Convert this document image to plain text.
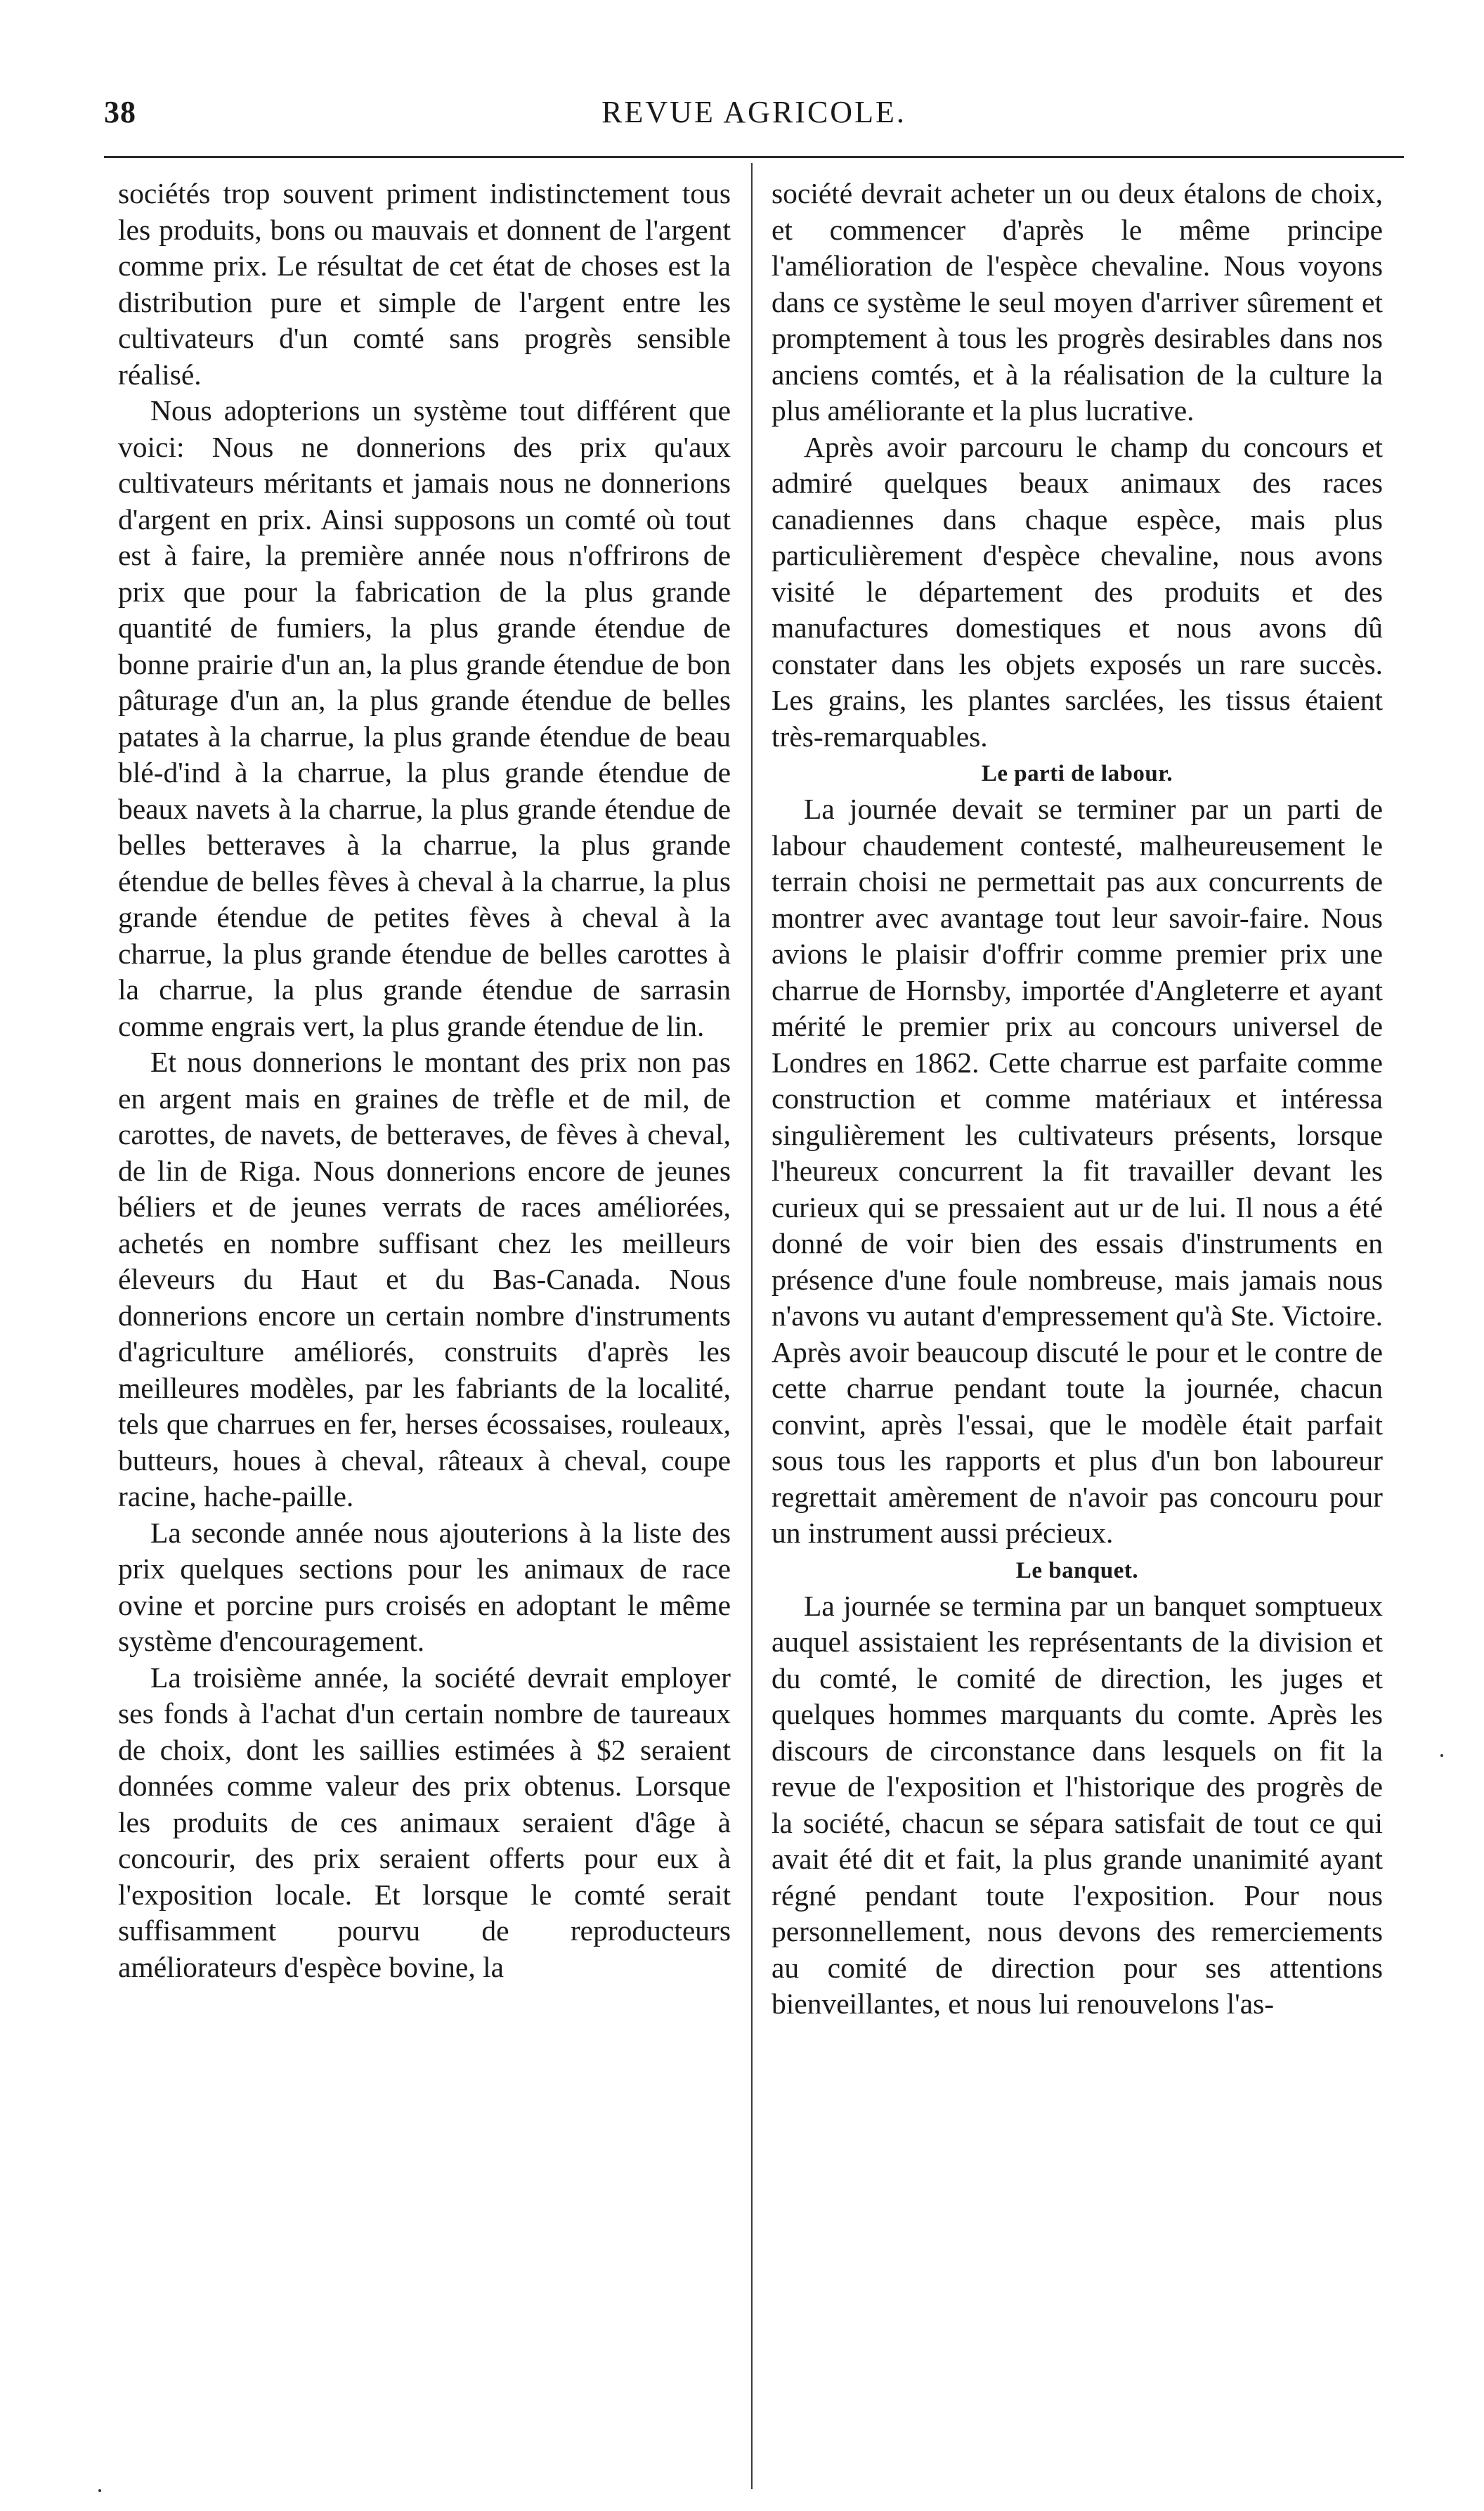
38	REVUE AGRICOLE.

sociétés trop souvent priment indistinctement tous les produits, bons ou mauvais et donnent de l'argent comme prix. Le résultat de cet état de choses est la distribution pure et simple de l'argent entre les cultivateurs d'un comté sans progrès sensible réalisé.

Nous adopterions un système tout différent que voici: Nous ne donnerions des prix qu'aux cultivateurs méritants et jamais nous ne donnerions d'argent en prix. Ainsi supposons un comté où tout est à faire, la première année nous n'offrirons de prix que pour la fabrication de la plus grande quantité de fumiers, la plus grande étendue de bonne prairie d'un an, la plus grande étendue de bon pâturage d'un an, la plus grande étendue de belles patates à la charrue, la plus grande étendue de beau blé-d'ind à la charrue, la plus grande étendue de beaux navets à la charrue, la plus grande étendue de belles betteraves à la charrue, la plus grande étendue de belles fèves à cheval à la charrue, la plus grande étendue de petites fèves à cheval à la charrue, la plus grande étendue de belles carottes à la charrue, la plus grande étendue de sarrasin comme engrais vert, la plus grande étendue de lin.

Et nous donnerions le montant des prix non pas en argent mais en graines de trèfle et de mil, de carottes, de navets, de betteraves, de fèves à cheval, de lin de Riga. Nous donnerions encore de jeunes béliers et de jeunes verrats de races améliorées, achetés en nombre suffisant chez les meilleurs éleveurs du Haut et du Bas-Canada. Nous donnerions encore un certain nombre d'instruments d'agriculture améliorés, construits d'après les meilleures modèles, par les fabriants de la localité, tels que charrues en fer, herses écossaises, rouleaux, butteurs, houes à cheval, râteaux à cheval, coupe racine, hache-paille.

La seconde année nous ajouterions à la liste des prix quelques sections pour les animaux de race ovine et porcine purs croisés en adoptant le même système d'encouragement.

La troisième année, la société devrait employer ses fonds à l'achat d'un certain nombre de taureaux de choix, dont les saillies estimées à $2 seraient données comme valeur des prix obtenus. Lorsque les produits de ces animaux seraient d'âge à concourir, des prix seraient offerts pour eux à l'exposition locale. Et lorsque le comté serait suffisamment pourvu de reproducteurs améliorateurs d'espèce bovine, la

société devrait acheter un ou deux étalons de choix, et commencer d'après le même principe l'amélioration de l'espèce chevaline. Nous voyons dans ce système le seul moyen d'arriver sûrement et promptement à tous les progrès desirables dans nos anciens comtés, et à la réalisation de la culture la plus améliorante et la plus lucrative.

Après avoir parcouru le champ du concours et admiré quelques beaux animaux des races canadiennes dans chaque espèce, mais plus particulièrement d'espèce chevaline, nous avons visité le département des produits et des manufactures domestiques et nous avons dû constater dans les objets exposés un rare succès. Les grains, les plantes sarclées, les tissus étaient très-remarquables.

Le parti de labour.

La journée devait se terminer par un parti de labour chaudement contesté, malheureusement le terrain choisi ne permettait pas aux concurrents de montrer avec avantage tout leur savoir-faire. Nous avions le plaisir d'offrir comme premier prix une charrue de Hornsby, importée d'Angleterre et ayant mérité le premier prix au concours universel de Londres en 1862. Cette charrue est parfaite comme construction et comme matériaux et intéressa singulièrement les cultivateurs présents, lorsque l'heureux concurrent la fit travailler devant les curieux qui se pressaient aut ur de lui. Il nous a été donné de voir bien des essais d'instruments en présence d'une foule nombreuse, mais jamais nous n'avons vu autant d'empressement qu'à Ste. Victoire. Après avoir beaucoup discuté le pour et le contre de cette charrue pendant toute la journée, chacun convint, après l'essai, que le modèle était parfait sous tous les rapports et plus d'un bon laboureur regrettait amèrement de n'avoir pas concouru pour un instrument aussi précieux.

Le banquet.

La journée se termina par un banquet somptueux auquel assistaient les représentants de la division et du comté, le comité de direction, les juges et quelques hommes marquants du comte. Après les discours de circonstance dans lesquels on fit la revue de l'exposition et l'historique des progrès de la société, chacun se sépara satisfait de tout ce qui avait été dit et fait, la plus grande unanimité ayant régné pendant toute l'exposition. Pour nous personnellement, nous devons des remerciements au comité de direction pour ses attentions bienveillantes, et nous lui renouvelons l'as-
